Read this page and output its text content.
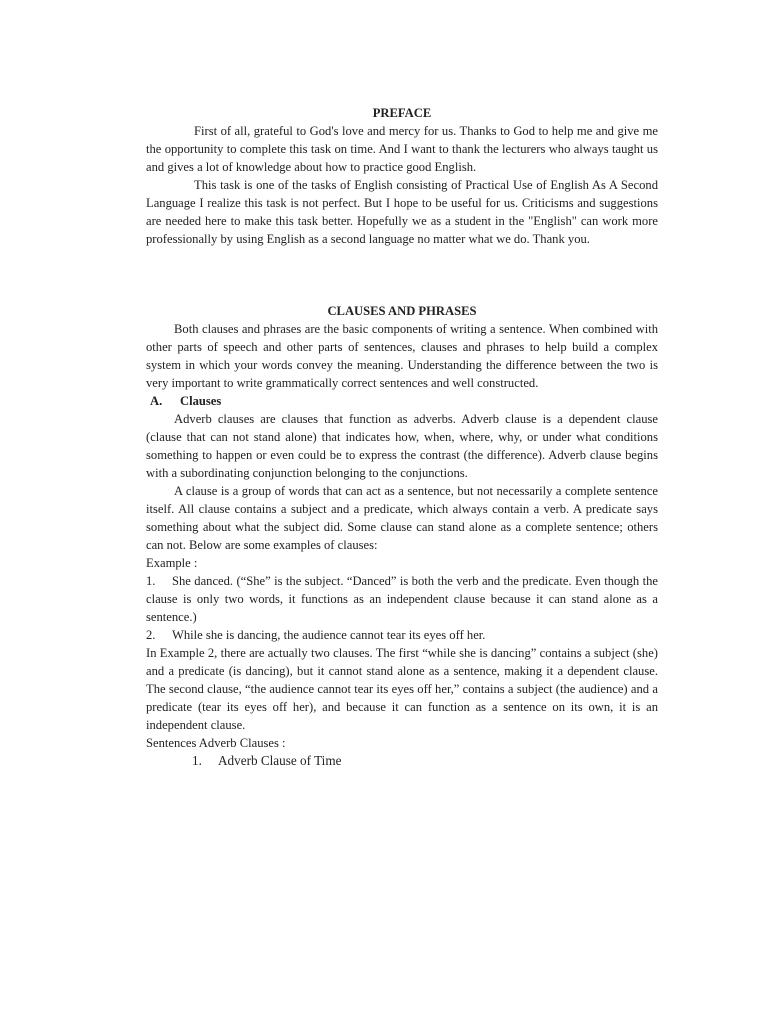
PREFACE

First of all, grateful to God's love and mercy for us. Thanks to God to help me and give me the opportunity to complete this task on time. And I want to thank the lecturers who always taught us and gives a lot of knowledge about how to practice good English.

This task is one of the tasks of English consisting of Practical Use of English As A Second Language I realize this task is not perfect. But I hope to be useful for us. Criticisms and suggestions are needed here to make this task better. Hopefully we as a student in the "English" can work more professionally by using English as a second language no matter what we do. Thank you.

CLAUSES AND PHRASES

Both clauses and phrases are the basic components of writing a sentence. When combined with other parts of speech and other parts of sentences, clauses and phrases to help build a complex system in which your words convey the meaning. Understanding the difference between the two is very important to write grammatically correct sentences and well constructed.

A. Clauses

Adverb clauses are clauses that function as adverbs. Adverb clause is a dependent clause (clause that can not stand alone) that indicates how, when, where, why, or under what conditions something to happen or even could be to express the contrast (the difference). Adverb clause begins with a subordinating conjunction belonging to the conjunctions.

A clause is a group of words that can act as a sentence, but not necessarily a complete sentence itself. All clause contains a subject and a predicate, which always contain a verb. A predicate says something about what the subject did. Some clause can stand alone as a complete sentence; others can not. Below are some examples of clauses:

Example :

1. She danced. (“She” is the subject. “Danced” is both the verb and the predicate. Even though the clause is only two words, it functions as an independent clause because it can stand alone as a sentence.)

2. While she is dancing, the audience cannot tear its eyes off her.

In Example 2, there are actually two clauses. The first “while she is dancing” contains a subject (she) and a predicate (is dancing), but it cannot stand alone as a sentence, making it a dependent clause. The second clause, “the audience cannot tear its eyes off her,” contains a subject (the audience) and a predicate (tear its eyes off her), and because it can function as a sentence on its own, it is an independent clause.

Sentences Adverb Clauses :

1. Adverb Clause of Time
